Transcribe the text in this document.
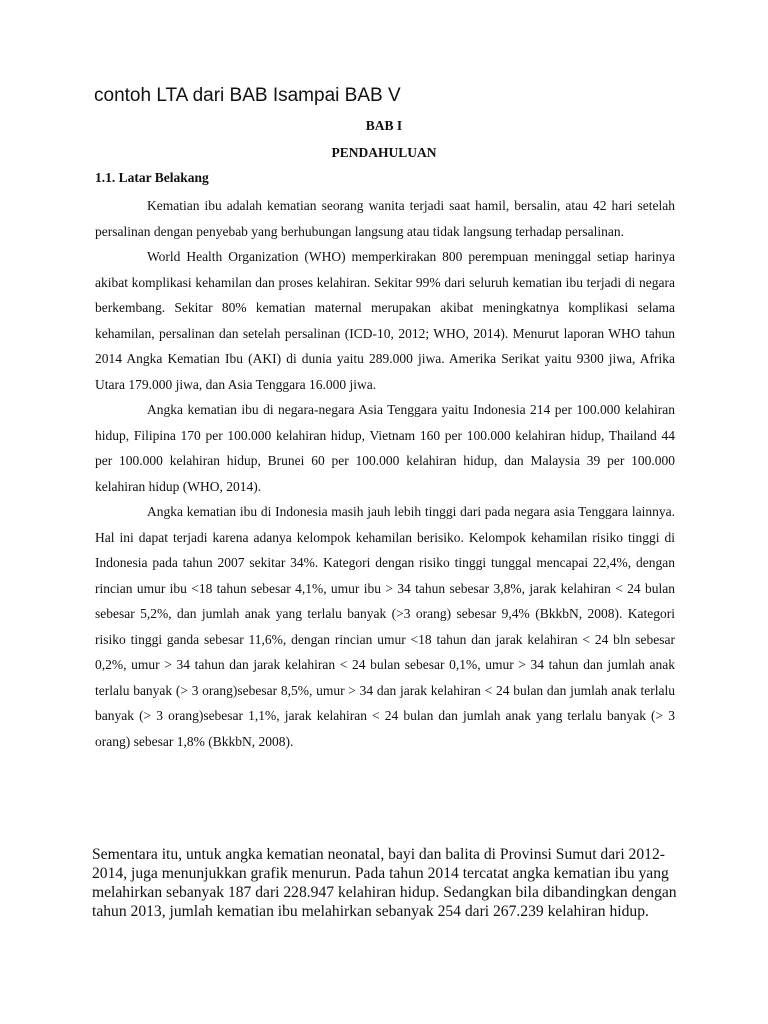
contoh LTA dari BAB Isampai BAB V
BAB I
PENDAHULUAN
1.1. Latar Belakang

Kematian ibu adalah kematian seorang wanita terjadi saat hamil, bersalin, atau 42 hari setelah persalinan dengan penyebab yang berhubungan langsung atau tidak langsung terhadap persalinan.

World Health Organization (WHO) memperkirakan 800 perempuan meninggal setiap harinya akibat komplikasi kehamilan dan proses kelahiran. Sekitar 99% dari seluruh kematian ibu terjadi di negara berkembang. Sekitar 80% kematian maternal merupakan akibat meningkatnya komplikasi selama kehamilan, persalinan dan setelah persalinan (ICD-10, 2012; WHO, 2014). Menurut laporan WHO tahun 2014 Angka Kematian Ibu (AKI) di dunia yaitu 289.000 jiwa. Amerika Serikat yaitu 9300 jiwa, Afrika Utara 179.000 jiwa, dan Asia Tenggara 16.000 jiwa.

Angka kematian ibu di negara-negara Asia Tenggara yaitu Indonesia 214 per 100.000 kelahiran hidup, Filipina 170 per 100.000 kelahiran hidup, Vietnam 160 per 100.000 kelahiran hidup, Thailand 44 per 100.000 kelahiran hidup, Brunei 60 per 100.000 kelahiran hidup, dan Malaysia 39 per 100.000 kelahiran hidup (WHO, 2014).

Angka kematian ibu di Indonesia masih jauh lebih tinggi dari pada negara asia Tenggara lainnya. Hal ini dapat terjadi karena adanya kelompok kehamilan berisiko. Kelompok kehamilan risiko tinggi di Indonesia pada tahun 2007 sekitar 34%. Kategori dengan risiko tinggi tunggal mencapai 22,4%, dengan rincian umur ibu <18 tahun sebesar 4,1%, umur ibu > 34 tahun sebesar 3,8%, jarak kelahiran < 24 bulan sebesar 5,2%, dan jumlah anak yang terlalu banyak (>3 orang) sebesar 9,4% (BkkbN, 2008). Kategori risiko tinggi ganda sebesar 11,6%, dengan rincian umur <18 tahun dan jarak kelahiran < 24 bln sebesar 0,2%, umur > 34 tahun dan jarak kelahiran < 24 bulan sebesar 0,1%, umur > 34 tahun dan jumlah anak terlalu banyak (> 3 orang)sebesar 8,5%, umur > 34 dan jarak kelahiran < 24 bulan dan jumlah anak terlalu banyak (> 3 orang)sebesar 1,1%, jarak kelahiran < 24 bulan dan jumlah anak yang terlalu banyak (> 3 orang) sebesar 1,8% (BkkbN, 2008).

Sementara itu, untuk angka kematian neonatal, bayi dan balita di Provinsi Sumut dari 2012-2014, juga menunjukkan grafik menurun. Pada tahun 2014 tercatat angka kematian ibu yang melahirkan sebanyak 187 dari 228.947 kelahiran hidup. Sedangkan bila dibandingkan dengan tahun 2013, jumlah kematian ibu melahirkan sebanyak 254 dari 267.239 kelahiran hidup.
